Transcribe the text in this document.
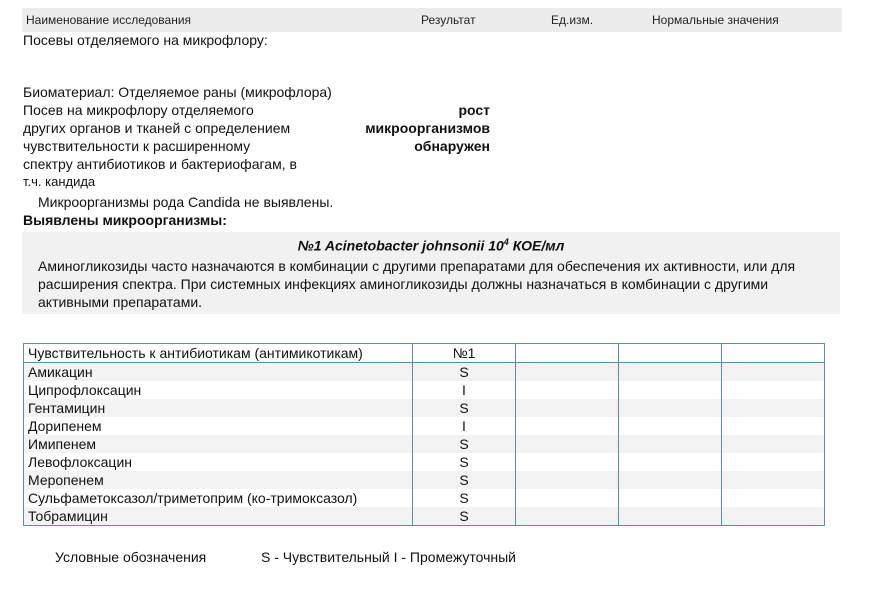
Наименование исследования	Результат	Ед.изм.	Нормальные значения
Посевы отделяемого на микрофлору:
Биоматериал: Отделяемое раны (микрофлора)
Посев на микрофлору отделяемого
других органов и тканей с определением
чувствительности к расширенному
спектру антибиотиков и бактериофагам, в
т.ч. кандида
рост
микроорганизмов
обнаружен
Микроорганизмы рода Candida не выявлены.
Выявлены микроорганизмы:
№1 Acinetobacter johnsonii $10^4$ КОЕ/мл
Аминогликозиды часто назначаются в комбинации с другими препаратами для обеспечения их активности, или для расширения спектра. При системных инфекциях аминогликозиды должны назначаться в комбинации с другими активными препаратами.
Чувствительность к антибиотикам (антимикотикам)	№1			
Амикацин	S			
Ципрофлоксацин	I			
Гентамицин	S			
Дорипенем	I			
Имипенем	S			
Левофлоксацин	S			
Меропенем	S			
Сульфаметоксазол/триметоприм (ко-тримоксазол)	S			
Тобрамицин	S			
Условные обозначения	S - Чувствительный I - Промежуточный
